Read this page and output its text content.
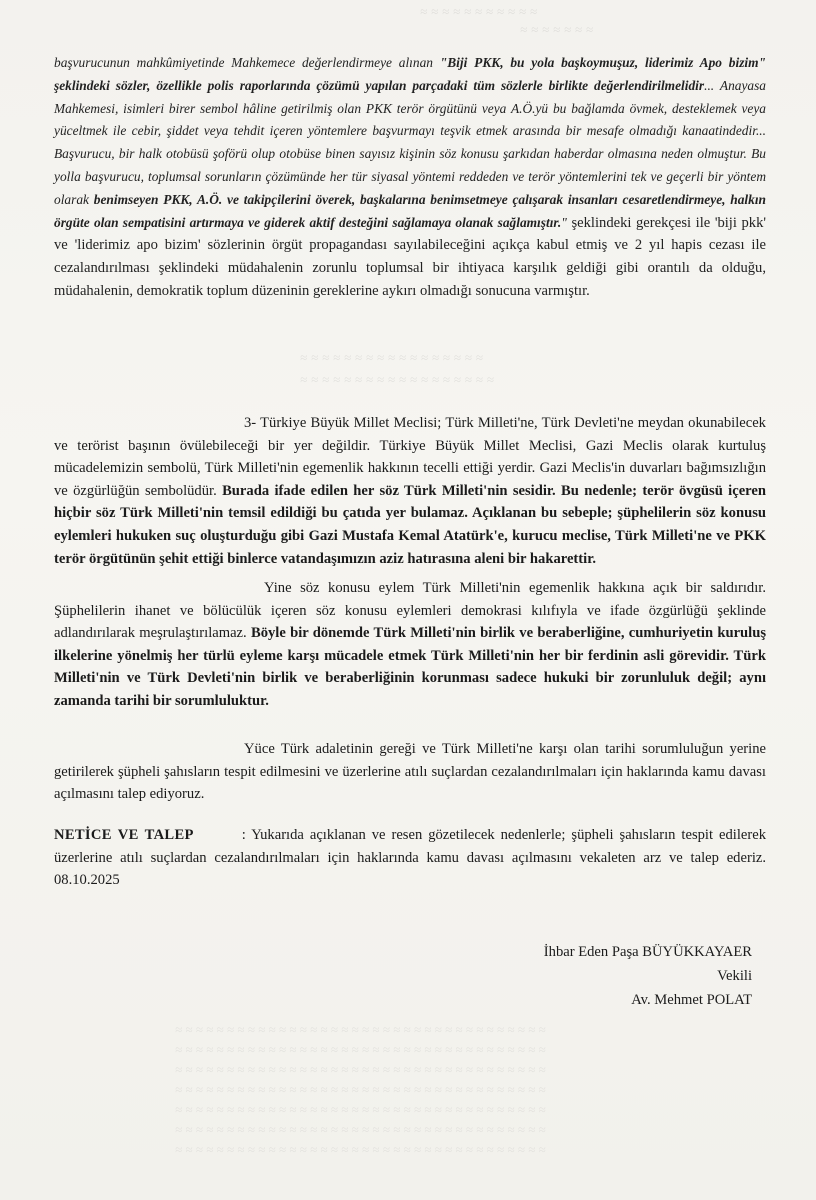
≈ ≈ ≈ ≈ ≈ ≈ ≈ ≈ ≈ ≈ ≈
≈ ≈ ≈ ≈ ≈ ≈ ≈
≈ ≈ ≈ ≈ ≈ ≈ ≈ ≈ ≈ ≈ ≈ ≈ ≈ ≈ ≈ ≈ ≈
≈ ≈ ≈ ≈ ≈ ≈ ≈ ≈ ≈ ≈ ≈ ≈ ≈ ≈ ≈ ≈ ≈ ≈
başvurucunun mahkûmiyetinde Mahkemece değerlendirmeye alınan "Biji PKK, bu yola başkoymuşuz, liderimiz Apo bizim" şeklindeki sözler, özellikle polis raporlarında çözümü yapılan parçadaki tüm sözlerle birlikte değerlendirilmelidir... Anayasa Mahkemesi, isimleri birer sembol hâline getirilmiş olan PKK terör örgütünü veya A.Ö.yü bu bağlamda övmek, desteklemek veya yüceltmek ile cebir, şiddet veya tehdit içeren yöntemlere başvurmayı teşvik etmek arasında bir mesafe olmadığı kanaatindedir... Başvurucu, bir halk otobüsü şoförü olup otobüse binen sayısız kişinin söz konusu şarkıdan haberdar olmasına neden olmuştur. Bu yolla başvurucu, toplumsal sorunların çözümünde her tür siyasal yöntemi reddeden ve terör yöntemlerini tek ve geçerli bir yöntem olarak benimseyen PKK, A.Ö. ve takipçilerini överek, başkalarına benimsetmeye çalışarak insanları cesaretlendirmeye, halkın örgüte olan sempatisini artırmaya ve giderek aktif desteğini sağlamaya olanak sağlamıştır." şeklindeki gerekçesi ile 'biji pkk' ve 'liderimiz apo bizim' sözlerinin örgüt propagandası sayılabileceğini açıkça kabul etmiş ve 2 yıl hapis cezası ile cezalandırılması şeklindeki müdahalenin zorunlu toplumsal bir ihtiyaca karşılık geldiği gibi orantılı da olduğu, müdahalenin, demokratik toplum düzeninin gereklerine aykırı olmadığı sonucuna varmıştır.
3- Türkiye Büyük Millet Meclisi; Türk Milleti'ne, Türk Devleti'ne meydan okunabilecek ve terörist başının övülebileceği bir yer değildir. Türkiye Büyük Millet Meclisi, Gazi Meclis olarak kurtuluş mücadelemizin sembolü, Türk Milleti'nin egemenlik hakkının tecelli ettiği yerdir. Gazi Meclis'in duvarları bağımsızlığın ve özgürlüğün sembolüdür. Burada ifade edilen her söz Türk Milleti'nin sesidir. Bu nedenle; terör övgüsü içeren hiçbir söz Türk Milleti'nin temsil edildiği bu çatıda yer bulamaz. Açıklanan bu sebeple; şüphelilerin söz konusu eylemleri hukuken suç oluşturduğu gibi Gazi Mustafa Kemal Atatürk'e, kurucu meclise, Türk Milleti'ne ve PKK terör örgütünün şehit ettiği binlerce vatandaşımızın aziz hatırasına aleni bir hakarettir.
Yine söz konusu eylem Türk Milleti'nin egemenlik hakkına açık bir saldırıdır. Şüphelilerin ihanet ve bölücülük içeren söz konusu eylemleri demokrasi kılıfıyla ve ifade özgürlüğü şeklinde adlandırılarak meşrulaştırılamaz. Böyle bir dönemde Türk Milleti'nin birlik ve beraberliğine, cumhuriyetin kuruluş ilkelerine yönelmiş her türlü eyleme karşı mücadele etmek Türk Milleti'nin her bir ferdinin asli görevidir. Türk Milleti'nin ve Türk Devleti'nin birlik ve beraberliğinin korunması sadece hukuki bir zorunluluk değil; aynı zamanda tarihi bir sorumluluktur.
Yüce Türk adaletinin gereği ve Türk Milleti'ne karşı olan tarihi sorumluluğun yerine getirilerek şüpheli şahısların tespit edilmesini ve üzerlerine atılı suçlardan cezalandırılmaları için haklarında kamu davası açılmasını talep ediyoruz.
NETİCE VE TALEP	: Yukarıda açıklanan ve resen gözetilecek nedenlerle; şüpheli şahısların tespit edilerek üzerlerine atılı suçlardan cezalandırılmaları için haklarında kamu davası açılmasını vekaleten arz ve talep ederiz. 08.10.2025
İhbar Eden Paşa BÜYÜKKAYAER
Vekili
Av. Mehmet POLAT
≈ ≈ ≈ ≈ ≈ ≈ ≈ ≈ ≈ ≈ ≈ ≈ ≈ ≈ ≈ ≈ ≈ ≈ ≈ ≈ ≈ ≈ ≈ ≈ ≈ ≈ ≈ ≈ ≈ ≈ ≈ ≈ ≈ ≈ ≈ ≈
≈ ≈ ≈ ≈ ≈ ≈ ≈ ≈ ≈ ≈ ≈ ≈ ≈ ≈ ≈ ≈ ≈ ≈ ≈ ≈ ≈ ≈ ≈ ≈ ≈ ≈ ≈ ≈ ≈ ≈ ≈ ≈ ≈ ≈ ≈ ≈
≈ ≈ ≈ ≈ ≈ ≈ ≈ ≈ ≈ ≈ ≈ ≈ ≈ ≈ ≈ ≈ ≈ ≈ ≈ ≈ ≈ ≈ ≈ ≈ ≈ ≈ ≈ ≈ ≈ ≈ ≈ ≈ ≈ ≈ ≈ ≈
≈ ≈ ≈ ≈ ≈ ≈ ≈ ≈ ≈ ≈ ≈ ≈ ≈ ≈ ≈ ≈ ≈ ≈ ≈ ≈ ≈ ≈ ≈ ≈ ≈ ≈ ≈ ≈ ≈ ≈ ≈ ≈ ≈ ≈ ≈ ≈
≈ ≈ ≈ ≈ ≈ ≈ ≈ ≈ ≈ ≈ ≈ ≈ ≈ ≈ ≈ ≈ ≈ ≈ ≈ ≈ ≈ ≈ ≈ ≈ ≈ ≈ ≈ ≈ ≈ ≈ ≈ ≈ ≈ ≈ ≈ ≈
≈ ≈ ≈ ≈ ≈ ≈ ≈ ≈ ≈ ≈ ≈ ≈ ≈ ≈ ≈ ≈ ≈ ≈ ≈ ≈ ≈ ≈ ≈ ≈ ≈ ≈ ≈ ≈ ≈ ≈ ≈ ≈ ≈ ≈ ≈ ≈
≈ ≈ ≈ ≈ ≈ ≈ ≈ ≈ ≈ ≈ ≈ ≈ ≈ ≈ ≈ ≈ ≈ ≈ ≈ ≈ ≈ ≈ ≈ ≈ ≈ ≈ ≈ ≈ ≈ ≈ ≈ ≈ ≈ ≈ ≈ ≈
